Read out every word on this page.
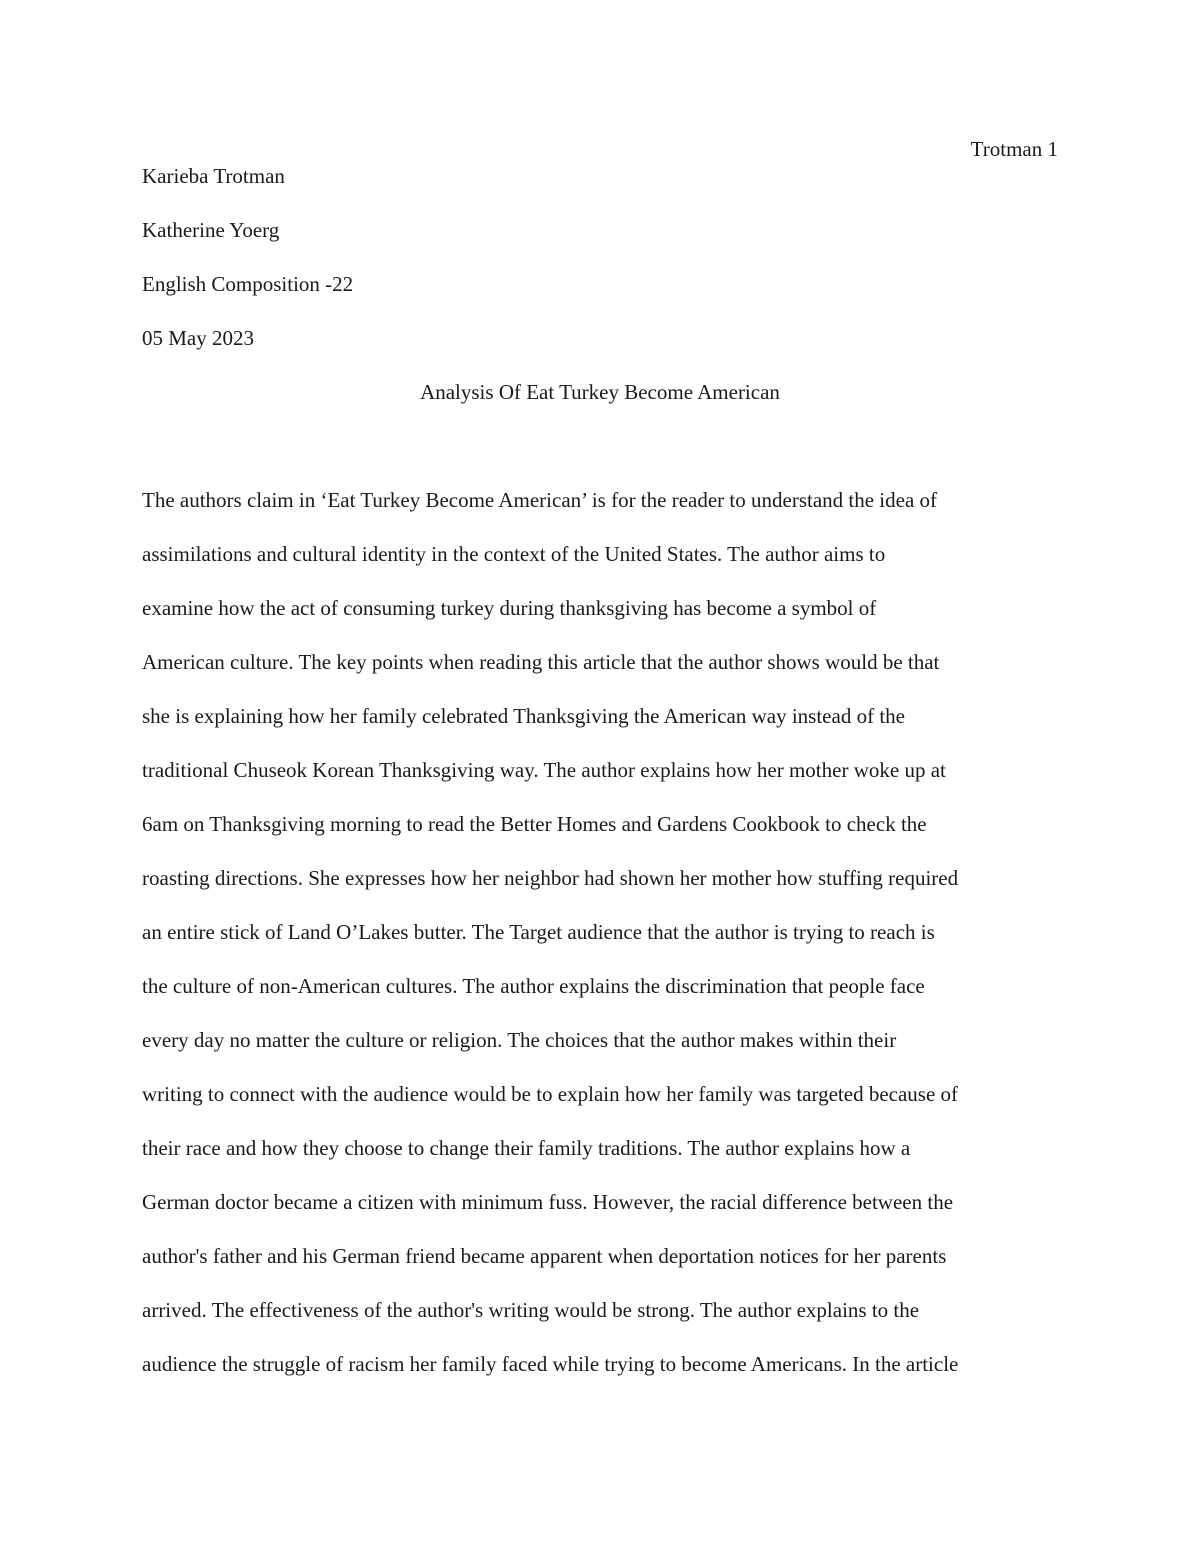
Trotman 1
Karieba Trotman
Katherine Yoerg
English Composition -22
05 May 2023
Analysis Of Eat Turkey Become American
The authors claim in ‘Eat Turkey Become American’ is for the reader to understand the idea of
assimilations and cultural identity in the context of the United States. The author aims to
examine how the act of consuming turkey during thanksgiving has become a symbol of
American culture. The key points when reading this article that the author shows would be that
she is explaining how her family celebrated Thanksgiving the American way instead of the
traditional Chuseok Korean Thanksgiving way. The author explains how her mother woke up at
6am on Thanksgiving morning to read the Better Homes and Gardens Cookbook to check the
roasting directions. She expresses how her neighbor had shown her mother how stuffing required
an entire stick of Land O’Lakes butter. The Target audience that the author is trying to reach is
the culture of non-American cultures. The author explains the discrimination that people face
every day no matter the culture or religion. The choices that the author makes within their
writing to connect with the audience would be to explain how her family was targeted because of
their race and how they choose to change their family traditions. The author explains how a
German doctor became a citizen with minimum fuss. However, the racial difference between the
author's father and his German friend became apparent when deportation notices for her parents
arrived. The effectiveness of the author's writing would be strong. The author explains to the
audience the struggle of racism her family faced while trying to become Americans. In the article
